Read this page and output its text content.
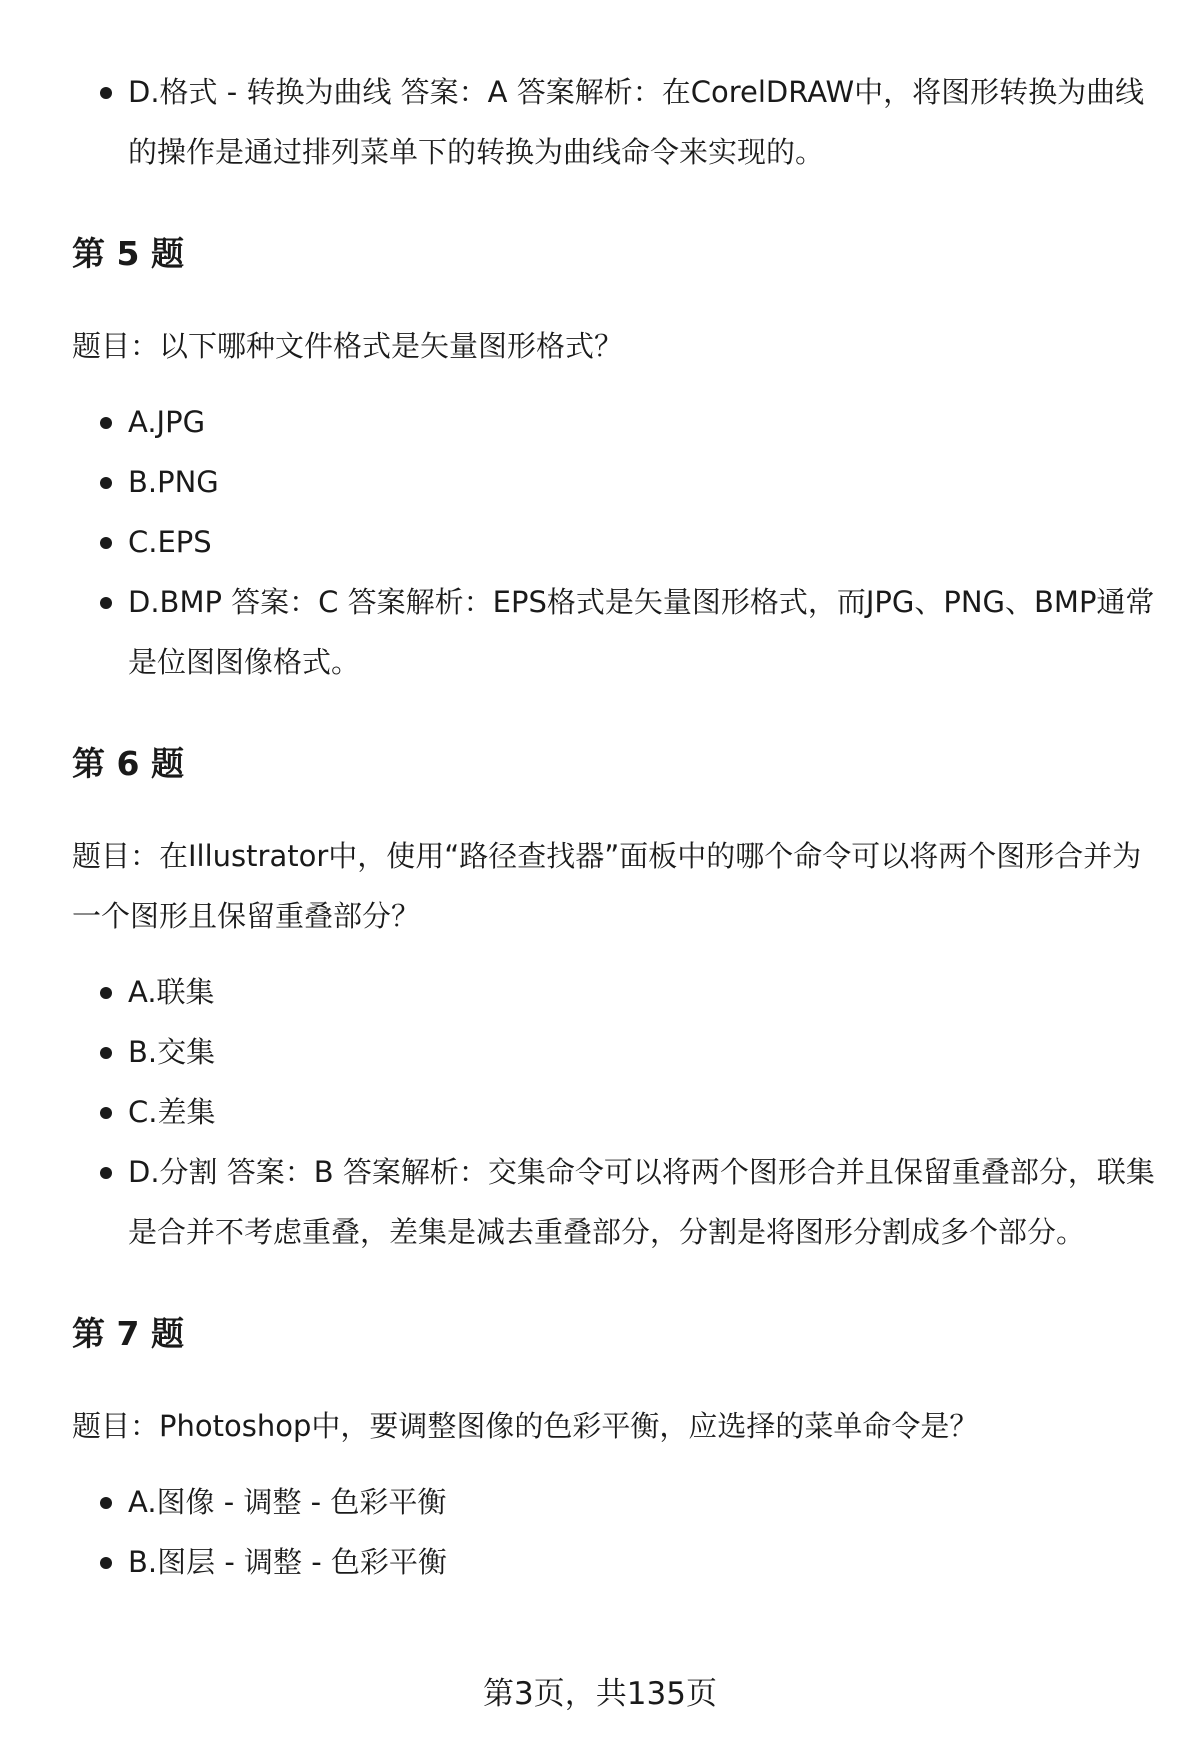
D.格式 - 转换为曲线 答案：A 答案解析：在CorelDRAW中，将图形转换为曲线的操作是通过排列菜单下的转换为曲线命令来实现的。
第 5 题
题目：以下哪种文件格式是矢量图形格式？
A.JPG
B.PNG
C.EPS
D.BMP 答案：C 答案解析：EPS格式是矢量图形格式，而JPG、PNG、BMP通常是位图图像格式。
第 6 题
题目：在Illustrator中，使用“路径查找器”面板中的哪个命令可以将两个图形合并为一个图形且保留重叠部分？
A.联集
B.交集
C.差集
D.分割 答案：B 答案解析：交集命令可以将两个图形合并且保留重叠部分，联集是合并不考虑重叠，差集是减去重叠部分，分割是将图形分割成多个部分。
第 7 题
题目：Photoshop中，要调整图像的色彩平衡，应选择的菜单命令是？
A.图像 - 调整 - 色彩平衡
B.图层 - 调整 - 色彩平衡
第3页，共135页
